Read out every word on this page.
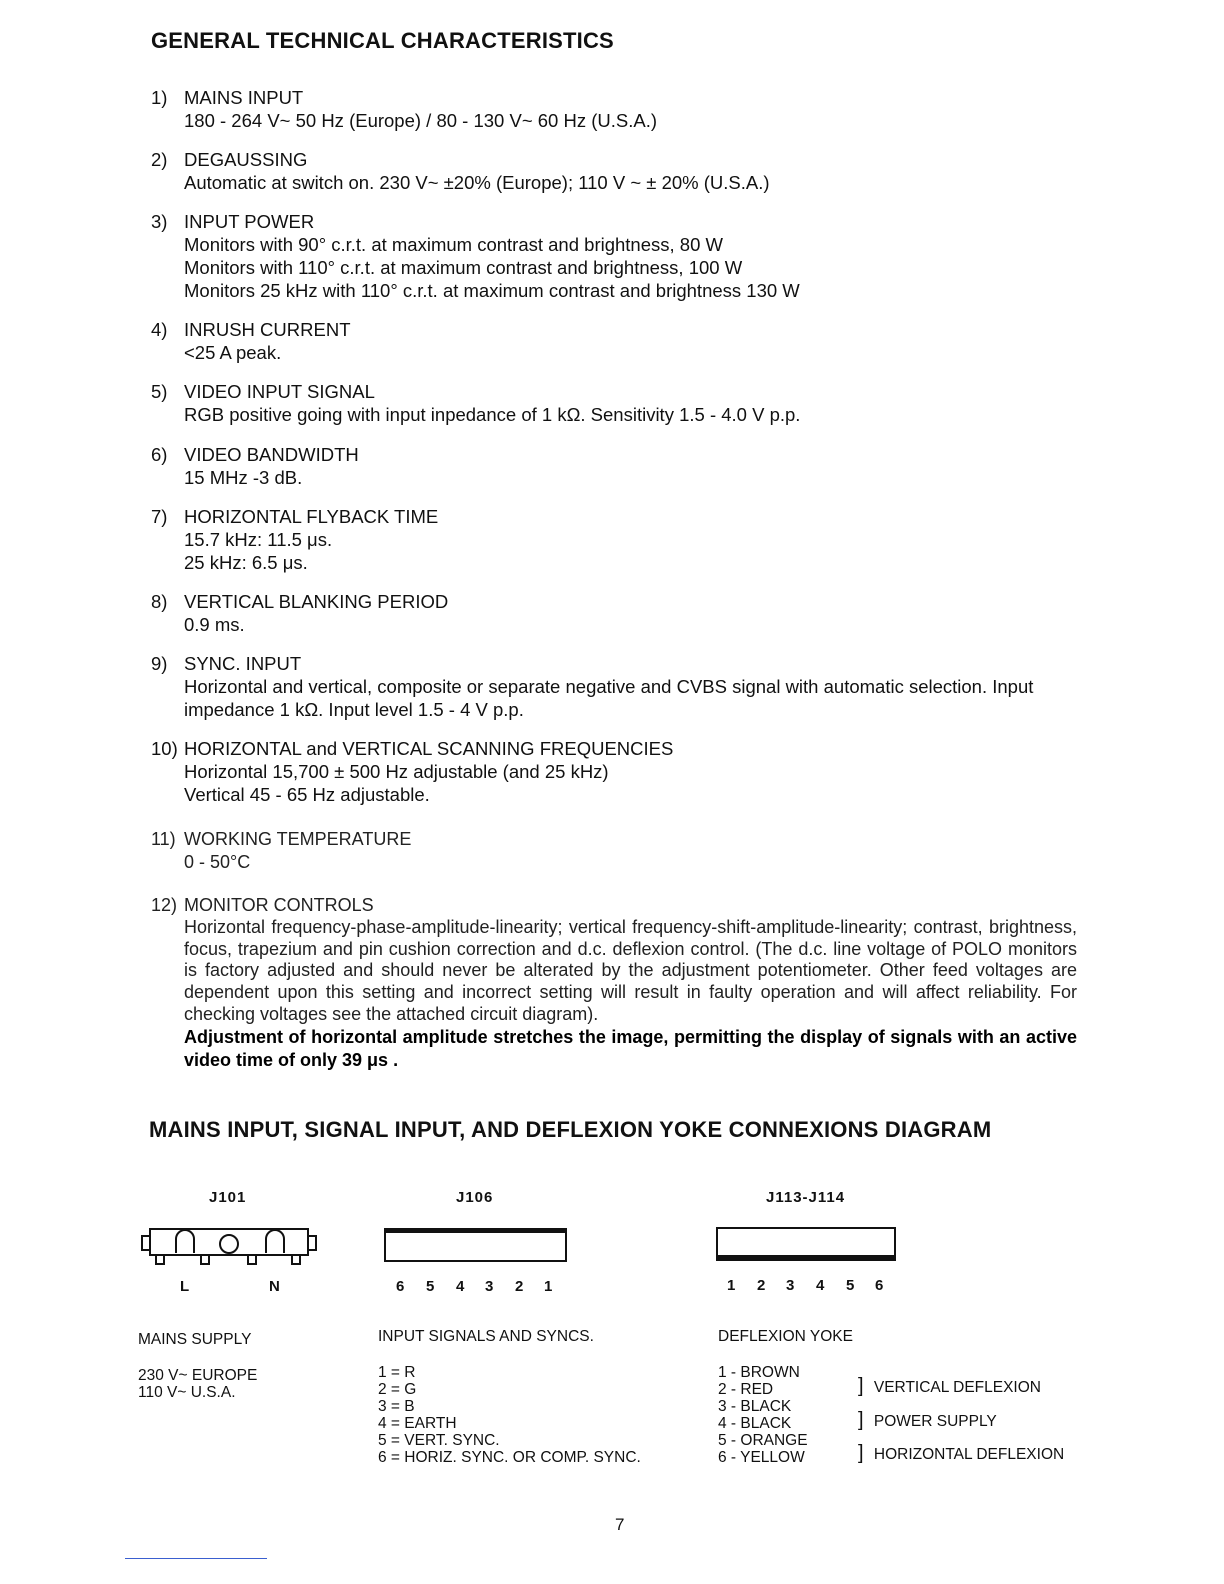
GENERAL TECHNICAL CHARACTERISTICS
1) MAINS INPUT
180 - 264 V~ 50 Hz (Europe) / 80 - 130 V~ 60 Hz (U.S.A.)
2) DEGAUSSING
Automatic at switch on. 230 V~ ±20% (Europe); 110 V ~ ± 20% (U.S.A.)
3) INPUT POWER
Monitors with 90° c.r.t. at maximum contrast and brightness, 80 W
Monitors with 110° c.r.t. at maximum contrast and brightness, 100 W
Monitors 25 kHz with 110° c.r.t. at maximum contrast and brightness 130 W
4) INRUSH CURRENT
<25 A peak.
5) VIDEO INPUT SIGNAL
RGB positive going with input inpedance of 1 kΩ. Sensitivity 1.5 - 4.0 V p.p.
6) VIDEO BANDWIDTH
15 MHz -3 dB.
7) HORIZONTAL FLYBACK TIME
15.7 kHz: 11.5 μs.
25 kHz: 6.5 μs.
8) VERTICAL BLANKING PERIOD
0.9 ms.
9) SYNC. INPUT
Horizontal and vertical, composite or separate negative and CVBS signal with automatic selection. Input
impedance 1 kΩ. Input level 1.5 - 4 V p.p.
10) HORIZONTAL and VERTICAL SCANNING FREQUENCIES
Horizontal 15,700 ± 500 Hz adjustable (and 25 kHz)
Vertical 45 - 65 Hz adjustable.
11) WORKING TEMPERATURE
0 - 50°C
12) MONITOR CONTROLS
Horizontal frequency-phase-amplitude-linearity; vertical frequency-shift-amplitude-linearity; contrast, brightness, focus, trapezium and pin cushion correction and d.c. deflexion control. (The d.c. line voltage of POLO monitors is factory adjusted and should never be alterated by the adjustment potentiometer. Other feed voltages are dependent upon this setting and incorrect setting will result in faulty operation and will affect reliability. For checking voltages see the attached circuit diagram).
Adjustment of horizontal amplitude stretches the image, permitting the display of signals with an active video time of only 39 μs .
MAINS INPUT, SIGNAL INPUT, AND DEFLEXION YOKE CONNEXIONS DIAGRAM
J101
L	N
MAINS SUPPLY
230 V~ EUROPE
110 V~ U.S.A.
J106
6 5 4 3 2 1
INPUT SIGNALS AND SYNCS.
1 = R
2 = G
3 = B
4 = EARTH
5 = VERT. SYNC.
6 = HORIZ. SYNC. OR COMP. SYNC.
J113-J114
1 2 3 4 5 6
DEFLEXION YOKE
1 - BROWN
2 - RED
3 - BLACK
4 - BLACK
5 - ORANGE
6 - YELLOW
] VERTICAL DEFLEXION
] POWER SUPPLY
] HORIZONTAL DEFLEXION
7
